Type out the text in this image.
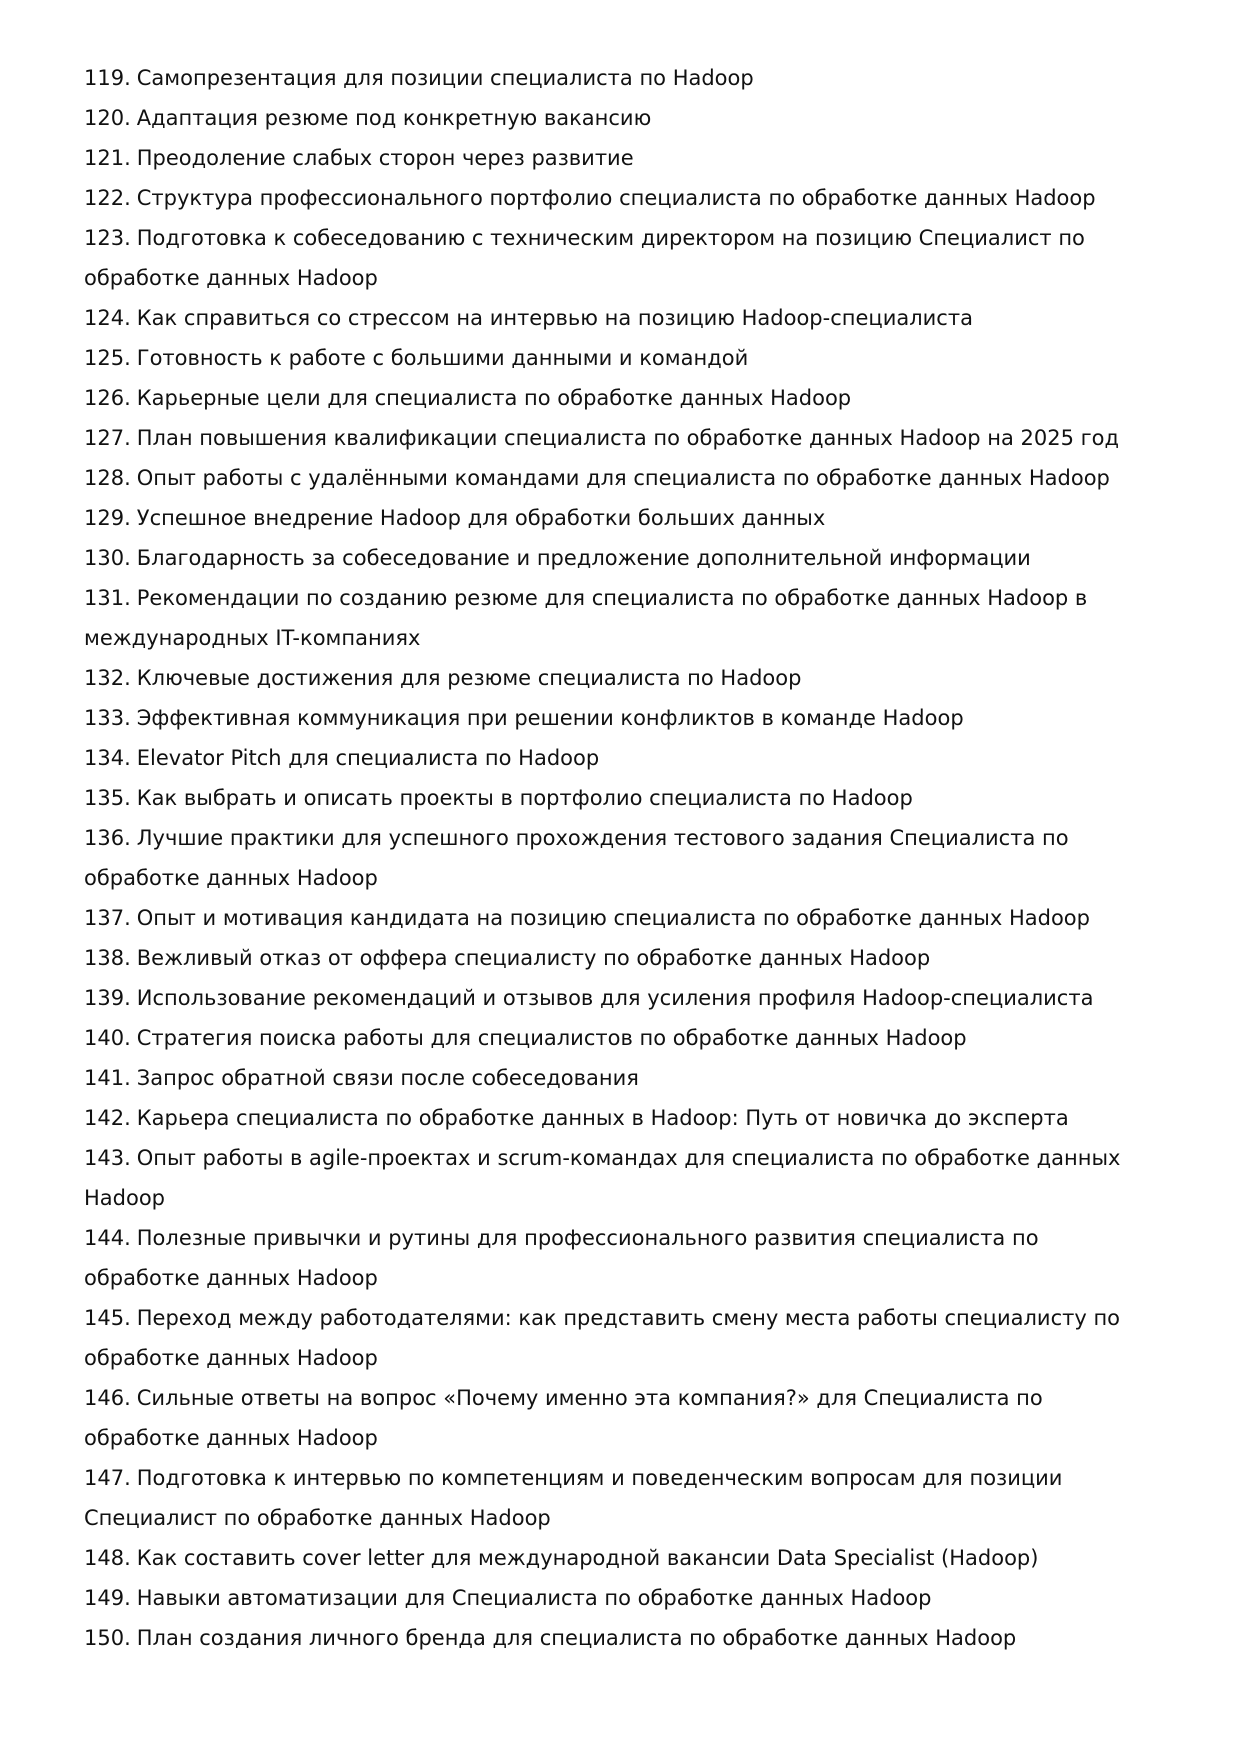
119. Самопрезентация для позиции специалиста по Hadoop
120. Адаптация резюме под конкретную вакансию
121. Преодоление слабых сторон через развитие
122. Структура профессионального портфолио специалиста по обработке данных Hadoop
123. Подготовка к собеседованию с техническим директором на позицию Специалист по обработке данных Hadoop
124. Как справиться со стрессом на интервью на позицию Hadoop-специалиста
125. Готовность к работе с большими данными и командой
126. Карьерные цели для специалиста по обработке данных Hadoop
127. План повышения квалификации специалиста по обработке данных Hadoop на 2025 год
128. Опыт работы с удалёнными командами для специалиста по обработке данных Hadoop
129. Успешное внедрение Hadoop для обработки больших данных
130. Благодарность за собеседование и предложение дополнительной информации
131. Рекомендации по созданию резюме для специалиста по обработке данных Hadoop в международных IT-компаниях
132. Ключевые достижения для резюме специалиста по Hadoop
133. Эффективная коммуникация при решении конфликтов в команде Hadoop
134. Elevator Pitch для специалиста по Hadoop
135. Как выбрать и описать проекты в портфолио специалиста по Hadoop
136. Лучшие практики для успешного прохождения тестового задания Специалиста по обработке данных Hadoop
137. Опыт и мотивация кандидата на позицию специалиста по обработке данных Hadoop
138. Вежливый отказ от оффера специалисту по обработке данных Hadoop
139. Использование рекомендаций и отзывов для усиления профиля Hadoop-специалиста
140. Стратегия поиска работы для специалистов по обработке данных Hadoop
141. Запрос обратной связи после собеседования
142. Карьера специалиста по обработке данных в Hadoop: Путь от новичка до эксперта
143. Опыт работы в agile-проектах и scrum-командах для специалиста по обработке данных Hadoop
144. Полезные привычки и рутины для профессионального развития специалиста по обработке данных Hadoop
145. Переход между работодателями: как представить смену места работы специалисту по обработке данных Hadoop
146. Сильные ответы на вопрос «Почему именно эта компания?» для Специалиста по обработке данных Hadoop
147. Подготовка к интервью по компетенциям и поведенческим вопросам для позиции Специалист по обработке данных Hadoop
148. Как составить cover letter для международной вакансии Data Specialist (Hadoop)
149. Навыки автоматизации для Специалиста по обработке данных Hadoop
150. План создания личного бренда для специалиста по обработке данных Hadoop
